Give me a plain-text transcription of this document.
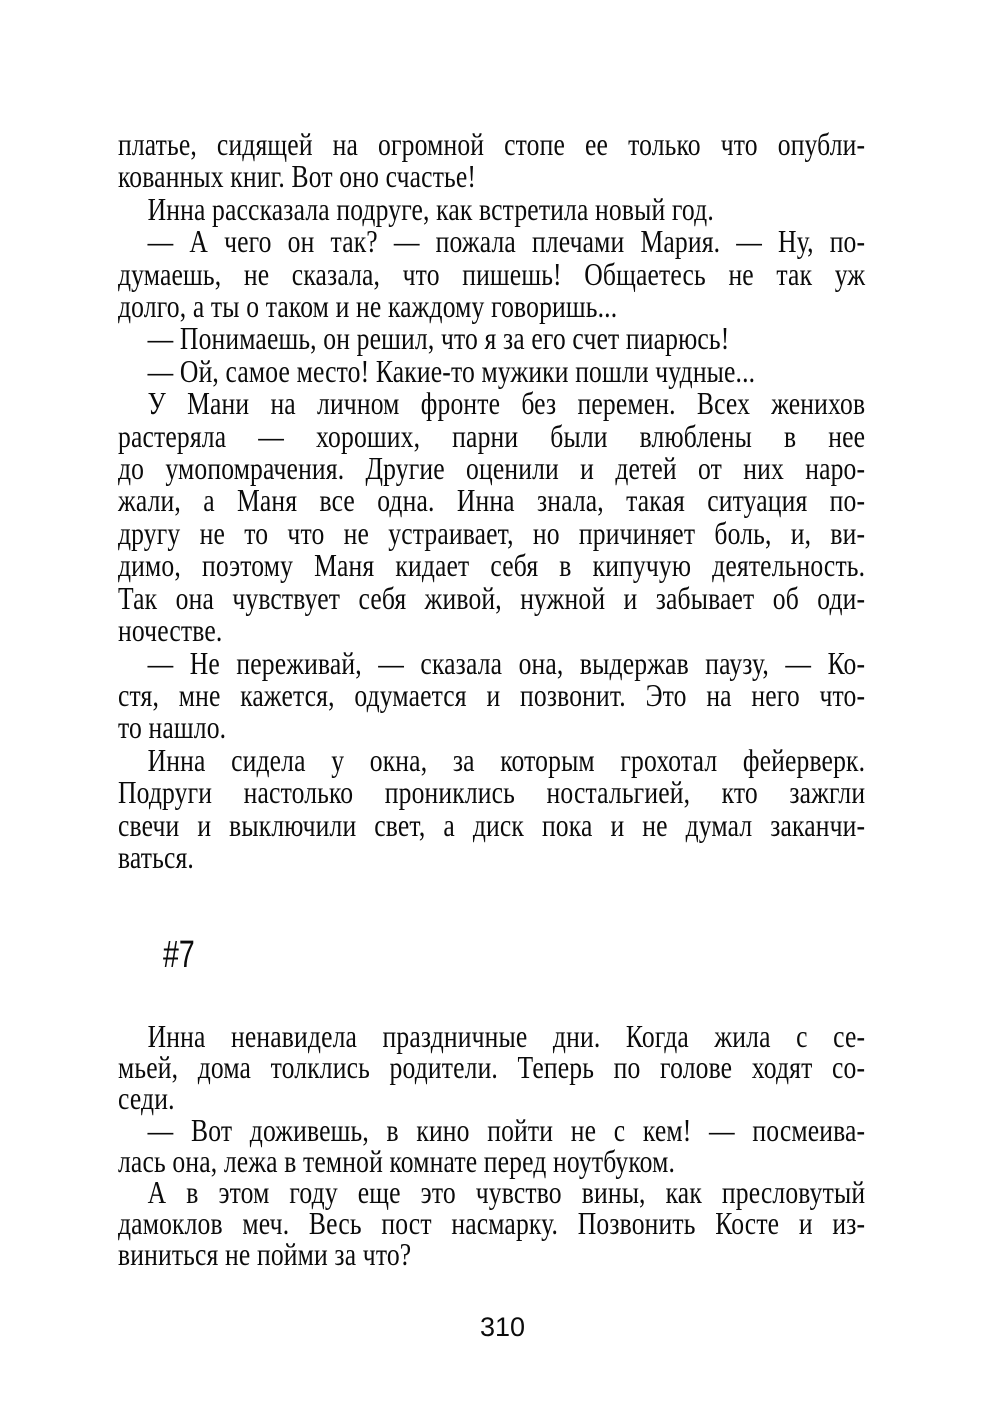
платье, сидящей на огромной стопе ее только что опубли-
кованных книг. Вот оно счастье!
Инна рассказала подруге, как встретила новый год.
— А чего он так? — пожала плечами Мария. — Ну, по-
думаешь, не сказала, что пишешь! Общаетесь не так уж
долго, а ты о таком и не каждому говоришь...
— Понимаешь, он решил, что я за его счет пиарюсь!
— Ой, самое место! Какие-то мужики пошли чудные...
У Мани на личном фронте без перемен. Всех женихов
растеряла — хороших, парни были влюблены в нее
до умопомрачения. Другие оценили и детей от них наро-
жали, а Маня все одна. Инна знала, такая ситуация по-
другу не то что не устраивает, но причиняет боль, и, ви-
димо, поэтому Маня кидает себя в кипучую деятельность.
Так она чувствует себя живой, нужной и забывает об оди-
ночестве.
— Не переживай, — сказала она, выдержав паузу, — Ко-
стя, мне кажется, одумается и позвонит. Это на него что-
то нашло.
Инна сидела у окна, за которым грохотал фейерверк.
Подруги настолько прониклись ностальгией, кто зажгли
свечи и выключили свет, а диск пока и не думал заканчи-
ваться.
#7
Инна ненавидела праздничные дни. Когда жила с се-
мьей, дома толклись родители. Теперь по голове ходят со-
седи.
— Вот доживешь, в кино пойти не с кем! — посмеива-
лась она, лежа в темной комнате перед ноутбуком.
А в этом году еще это чувство вины, как пресловутый
дамоклов меч. Весь пост насмарку. Позвонить Косте и из-
виниться не пойми за что?
310
